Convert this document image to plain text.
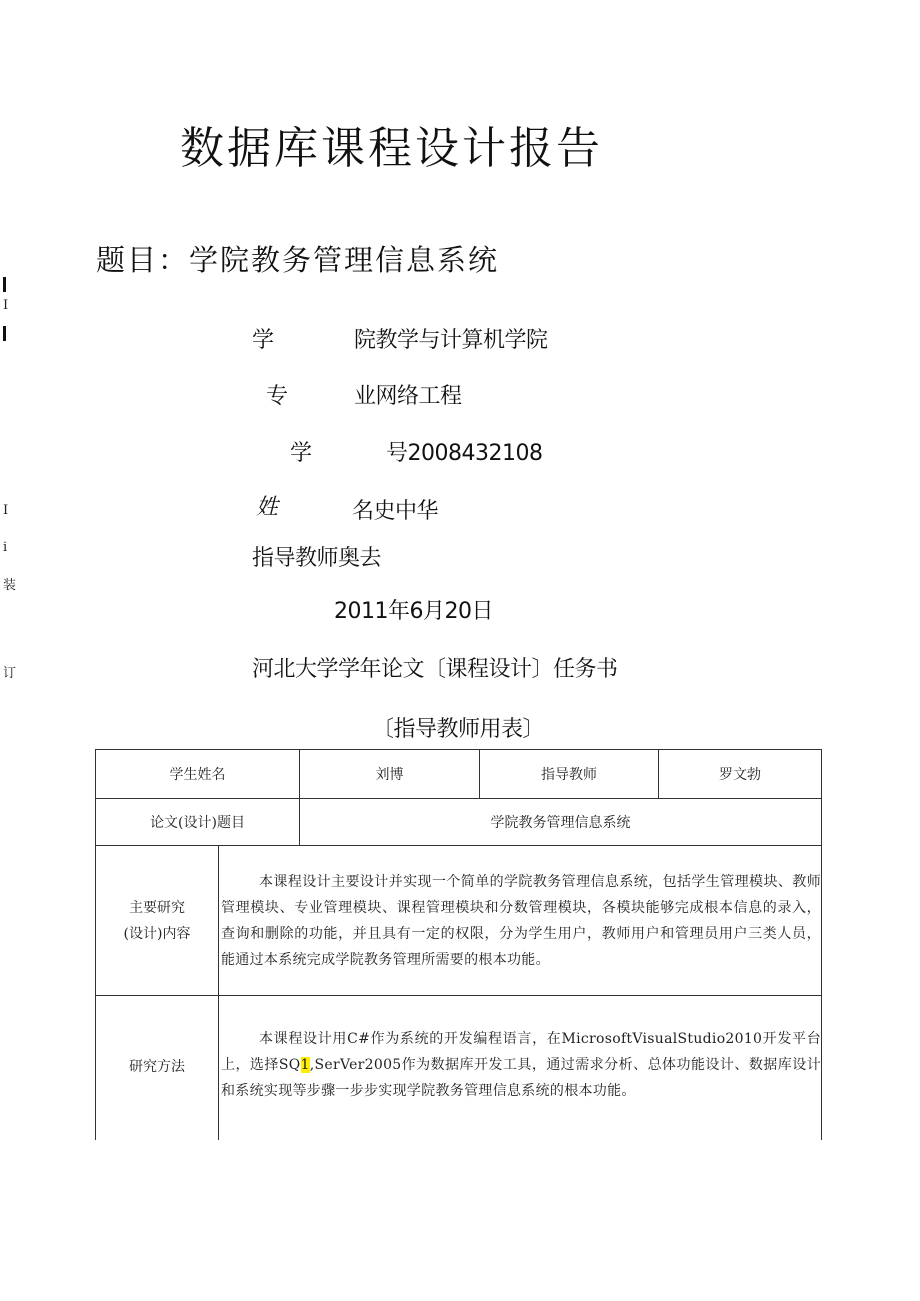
数据库课程设计报告
题目：学院教务管理信息系统
I
I
i
装
订
学	院教学与计算机学院
专	业网络工程
学	号2008432108
姓	名史中华
指导教师奥去
2011年6月20日
河北大学学年论文〔课程设计〕任务书
〔指导教师用表〕
学生姓名		刘博	指导教师	罗文勃
论文(设计)题目		学院教务管理信息系统		

主要研究
(设计)内容	本课程设计主要设计并实现一个简单的学院教务管理信息系统，包括学生管理模块、教师管理模块、专业管理模块、课程管理模块和分数管理模块，各模块能够完成根本信息的录入，查询和删除的功能，并且具有一定的权限，分为学生用户，教师用户和管理员用户三类人员，能通过本系统完成学院教务管理所需要的根本功能。			

研究方法	本课程设计用C#作为系统的开发编程语言，在MicrosoftVisualStudio2010开发平台上，选择SQ1,SerVer2005作为数据库开发工具，通过需求分析、总体功能设计、数据库设计和系统实现等步骤一步步实现学院教务管理信息系统的根本功能。			
